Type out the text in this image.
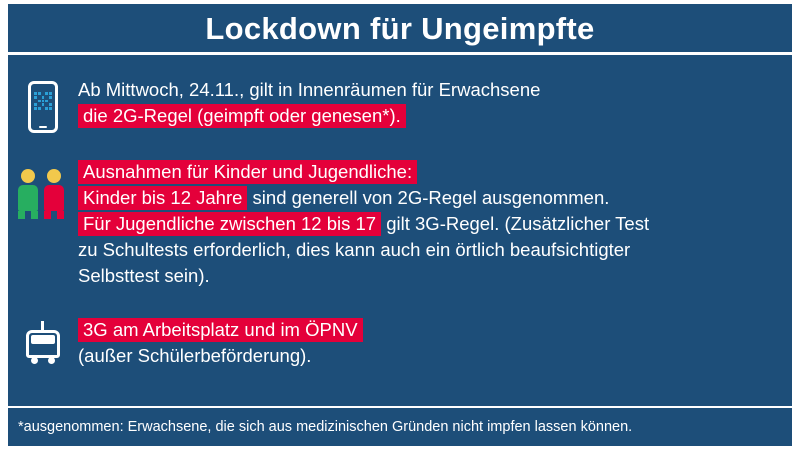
Lockdown für Ungeimpfte

Ab Mittwoch, 24.11., gilt in Innenräumen für Erwachsene

die 2G-Regel (geimpft oder genesen*).

Ausnahmen für Kinder und Jugendliche:

Kinder bis 12 Jahre sind generell von 2G-Regel ausgenommen.

Für Jugendliche zwischen 12 bis 17 gilt 3G-Regel. (Zusätzlicher Test

zu Schultests erforderlich, dies kann auch ein örtlich beaufsichtigter

Selbsttest sein).

3G am Arbeitsplatz und im ÖPNV

(außer Schülerbeförderung).

*ausgenommen: Erwachsene, die sich aus medizinischen Gründen nicht impfen lassen können.
